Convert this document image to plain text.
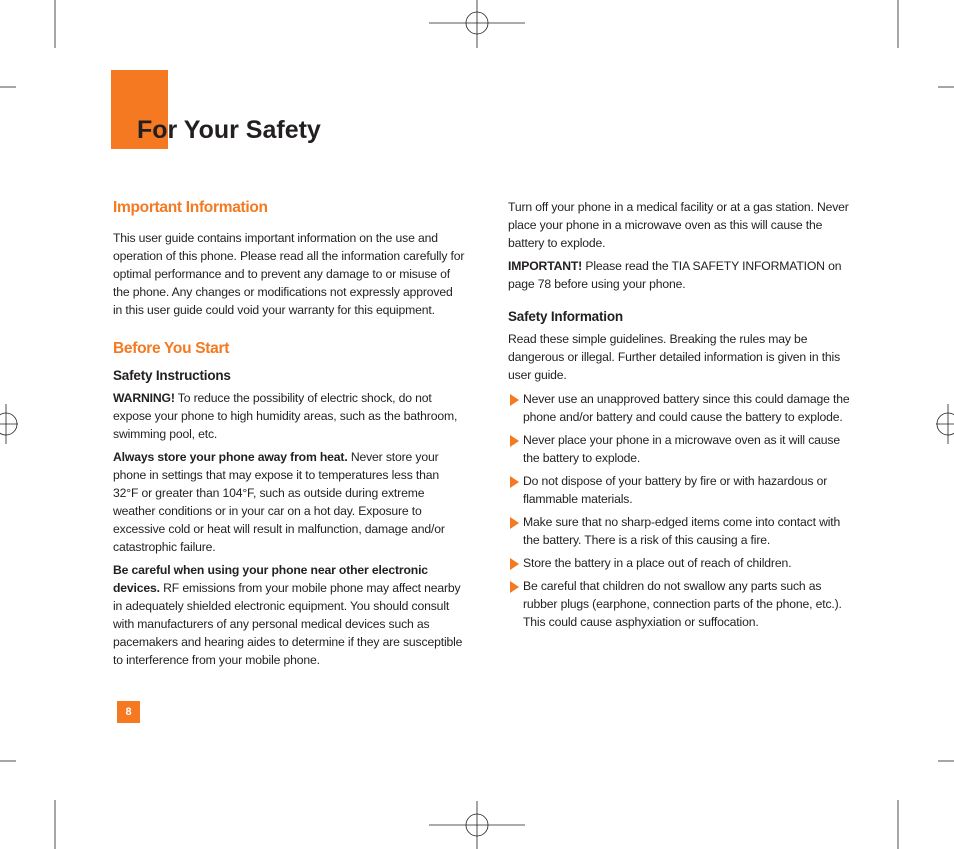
For Your Safety
Important Information

This user guide contains important information on the use and operation of this phone. Please read all the information carefully for optimal performance and to prevent any damage to or misuse of the phone. Any changes or modifications not expressly approved in this user guide could void your warranty for this equipment.

Before You Start
Safety Instructions

WARNING! To reduce the possibility of electric shock, do not expose your phone to high humidity areas, such as the bathroom, swimming pool, etc.

Always store your phone away from heat. Never store your phone in settings that may expose it to temperatures less than 32°F or greater than 104°F, such as outside during extreme weather conditions or in your car on a hot day. Exposure to excessive cold or heat will result in malfunction, damage and/or catastrophic failure.

Be careful when using your phone near other electronic devices. RF emissions from your mobile phone may affect nearby in adequately shielded electronic equipment. You should consult with manufacturers of any personal medical devices such as pacemakers and hearing aides to determine if they are susceptible to interference from your mobile phone.

Turn off your phone in a medical facility or at a gas station. Never place your phone in a microwave oven as this will cause the battery to explode.

IMPORTANT! Please read the TIA SAFETY INFORMATION on page 78 before using your phone.

Safety Information

Read these simple guidelines. Breaking the rules may be dangerous or illegal. Further detailed information is given in this user guide.

Never use an unapproved battery since this could damage the phone and/or battery and could cause the battery to explode.
Never place your phone in a microwave oven as it will cause the battery to explode.
Do not dispose of your battery by fire or with hazardous or flammable materials.
Make sure that no sharp-edged items come into contact with the battery. There is a risk of this causing a fire.
Store the battery in a place out of reach of children.
Be careful that children do not swallow any parts such as rubber plugs (earphone, connection parts of the phone, etc.). This could cause asphyxiation or suffocation.
8
